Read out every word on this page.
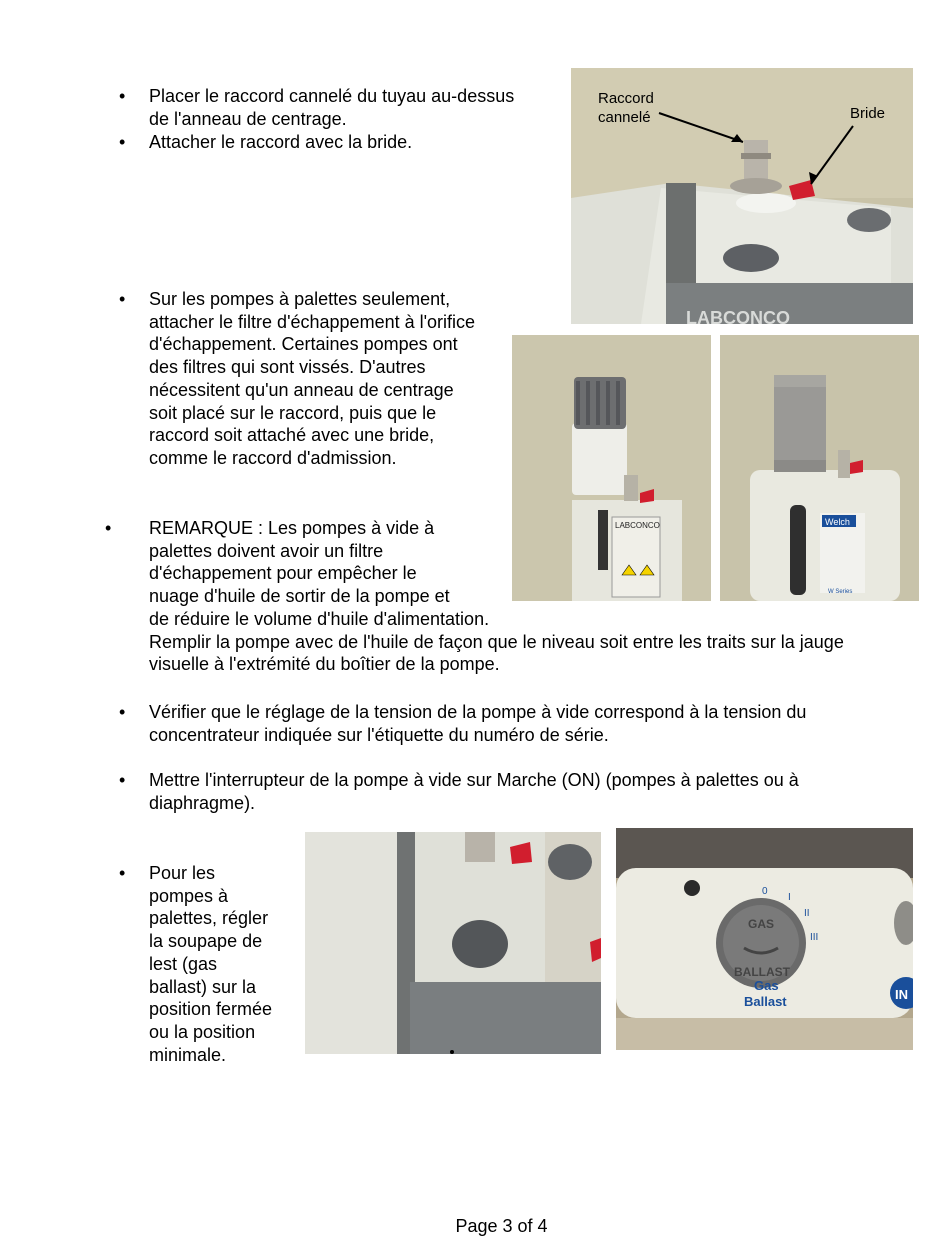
•
•
•
•
•
•
•
Placer le raccord cannelé du tuyau au-dessus
de l'anneau de centrage.
Attacher le raccord avec la bride.
Sur les pompes à palettes seulement,
attacher le filtre d'échappement à l'orifice
d'échappement. Certaines pompes ont
des filtres qui sont vissés. D'autres
nécessitent qu'un anneau de centrage
soit placé sur le raccord, puis que le
raccord soit attaché avec une bride,
comme le raccord d'admission.
REMARQUE : Les pompes à vide à
palettes doivent avoir un filtre
d'échappement pour empêcher le
nuage d'huile de sortir de la pompe et
de réduire le volume d'huile d'alimentation.
Remplir la pompe avec de l'huile de façon que le niveau soit entre les traits sur la jauge
visuelle à l'extrémité du boîtier de la pompe.
Vérifier que le réglage de la tension de la pompe à vide correspond à la tension du
concentrateur indiquée sur l'étiquette du numéro de série.
Mettre l'interrupteur de la pompe à vide sur Marche (ON) (pompes à palettes ou à
diaphragme).
Pour les
pompes à
palettes, régler
la soupape de
lest (gas
ballast) sur la
position fermée
ou la position
minimale.
Raccord
cannelé	Bride
LABCONCO
LABCONCO	Welch
W Series
GAS
BALLAST
0
I
II
III
Gas
Ballast	IN
Page 3 of 4
